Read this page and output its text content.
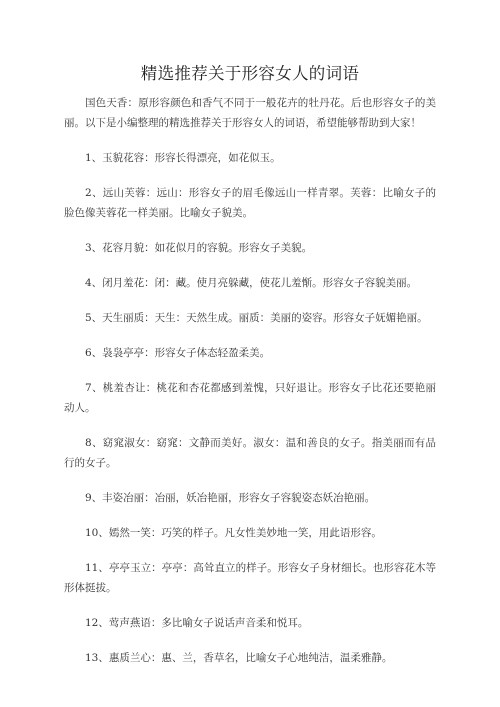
精选推荐关于形容女人的词语

国色天香：原形容颜色和香气不同于一般花卉的牡丹花。后也形容女子的美丽。以下是小编整理的精选推荐关于形容女人的词语，希望能够帮助到大家！

1、玉貌花容：形容长得漂亮，如花似玉。

2、远山芙蓉：远山：形容女子的眉毛像远山一样青翠。芙蓉：比喻女子的脸色像芙蓉花一样美丽。比喻女子貌美。

3、花容月貌：如花似月的容貌。形容女子美貌。

4、闭月羞花：闭：藏。使月亮躲藏，使花儿羞惭。形容女子容貌美丽。

5、天生丽质：天生：天然生成。丽质：美丽的姿容。形容女子妩媚艳丽。

6、袅袅亭亭：形容女子体态轻盈柔美。

7、桃羞杏让：桃花和杏花都感到羞愧，只好退让。形容女子比花还要艳丽动人。

8、窈窕淑女：窈窕：文静而美好。淑女：温和善良的女子。指美丽而有品行的女子。

9、丰姿冶丽：冶丽，妖冶艳丽，形容女子容貌姿态妖冶艳丽。

10、嫣然一笑：巧笑的样子。凡女性美妙地一笑，用此语形容。

11、亭亭玉立：亭亭：高耸直立的样子。形容女子身材细长。也形容花木等形体挺拔。

12、莺声燕语：多比喻女子说话声音柔和悦耳。

13、惠质兰心：惠、兰，香草名，比喻女子心地纯洁，温柔雅静。
